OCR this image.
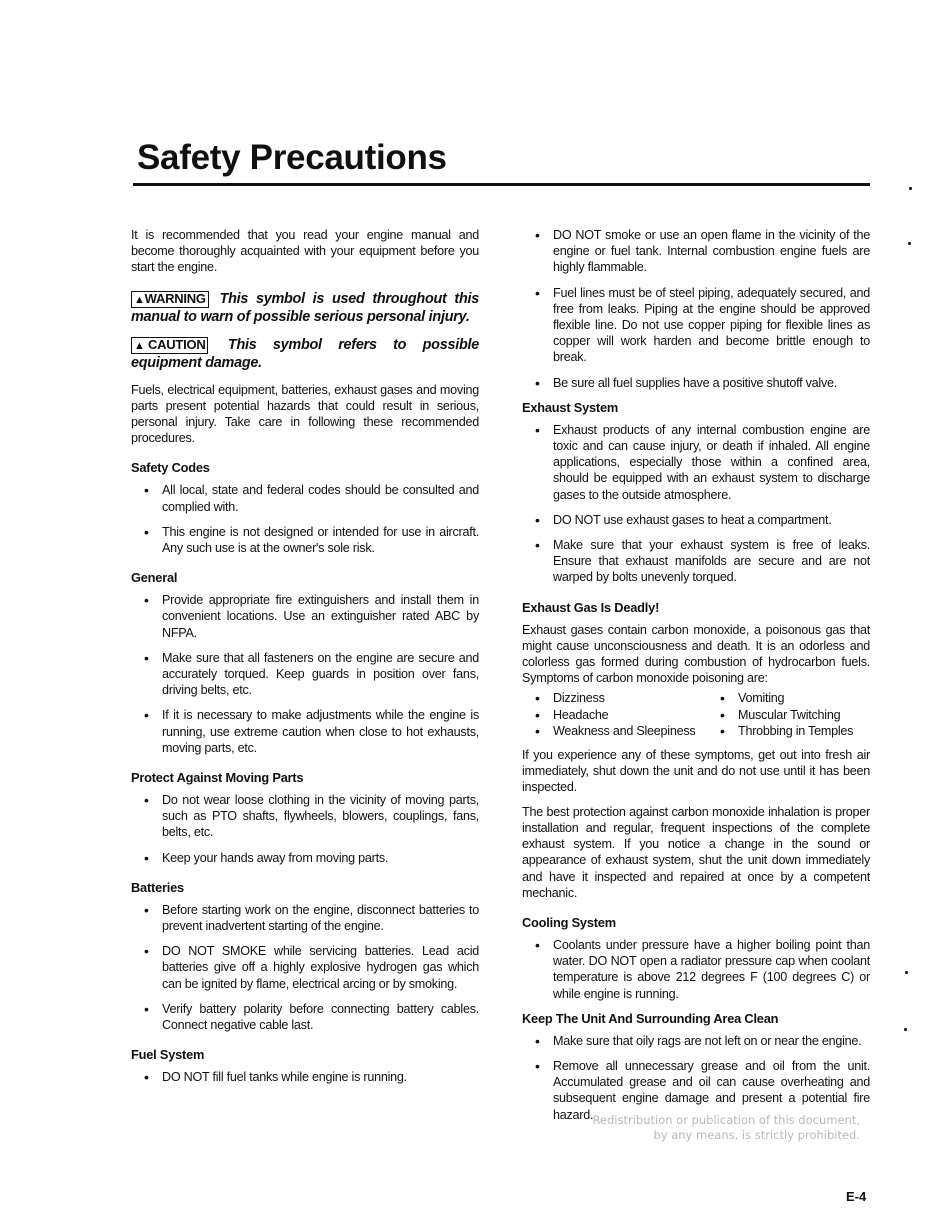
Safety Precautions

It is recommended that you read your engine manual and become thoroughly acquainted with your equipment before you start the engine.

▲WARNING This symbol is used throughout this manual to warn of possible serious personal injury.

▲ CAUTION This symbol refers to possible equipment damage.

Fuels, electrical equipment, batteries, exhaust gases and moving parts present potential hazards that could result in serious, personal injury. Take care in following these recommended procedures.

Safety Codes
• All local, state and federal codes should be consulted and complied with.
• This engine is not designed or intended for use in aircraft. Any such use is at the owner's sole risk.
General
• Provide appropriate fire extinguishers and install them in convenient locations. Use an extinguisher rated ABC by NFPA.
• Make sure that all fasteners on the engine are secure and accurately torqued. Keep guards in position over fans, driving belts, etc.
• If it is necessary to make adjustments while the engine is running, use extreme caution when close to hot exhausts, moving parts, etc.
Protect Against Moving Parts
• Do not wear loose clothing in the vicinity of moving parts, such as PTO shafts, flywheels, blowers, couplings, fans, belts, etc.
• Keep your hands away from moving parts.
Batteries
• Before starting work on the engine, disconnect batteries to prevent inadvertent starting of the engine.
• DO NOT SMOKE while servicing batteries. Lead acid batteries give off a highly explosive hydrogen gas which can be ignited by flame, electrical arcing or by smoking.
• Verify battery polarity before connecting battery cables. Connect negative cable last.
Fuel System
• DO NOT fill fuel tanks while engine is running.
• DO NOT smoke or use an open flame in the vicinity of the engine or fuel tank. Internal combustion engine fuels are highly flammable.
• Fuel lines must be of steel piping, adequately secured, and free from leaks. Piping at the engine should be approved flexible line. Do not use copper piping for flexible lines as copper will work harden and become brittle enough to break.
• Be sure all fuel supplies have a positive shutoff valve.
Exhaust System
• Exhaust products of any internal combustion engine are toxic and can cause injury, or death if inhaled. All engine applications, especially those within a confined area, should be equipped with an exhaust system to discharge gases to the outside atmosphere.
• DO NOT use exhaust gases to heat a compartment.
• Make sure that your exhaust system is free of leaks. Ensure that exhaust manifolds are secure and are not warped by bolts unevenly torqued.
Exhaust Gas Is Deadly!

Exhaust gases contain carbon monoxide, a poisonous gas that might cause unconsciousness and death. It is an odorless and colorless gas formed during combustion of hydrocarbon fuels. Symptoms of carbon monoxide poisoning are:

• Dizziness	• Vomiting
• Headache	• Muscular Twitching
• Weakness and Sleepiness	• Throbbing in Temples

If you experience any of these symptoms, get out into fresh air immediately, shut down the unit and do not use until it has been inspected.

The best protection against carbon monoxide inhalation is proper installation and regular, frequent inspections of the complete exhaust system. If you notice a change in the sound or appearance of exhaust system, shut the unit down immediately and have it inspected and repaired at once by a competent mechanic.

Cooling System
• Coolants under pressure have a higher boiling point than water. DO NOT open a radiator pressure cap when coolant temperature is above 212 degrees F (100 degrees C) or while engine is running.
Keep The Unit And Surrounding Area Clean
• Make sure that oily rags are not left on or near the engine.
• Remove all unnecessary grease and oil from the unit. Accumulated grease and oil can cause overheating and subsequent engine damage and present a potential fire hazard. Redistribution or publication of this document,
by any means, is strictly prohibited.
E-4
